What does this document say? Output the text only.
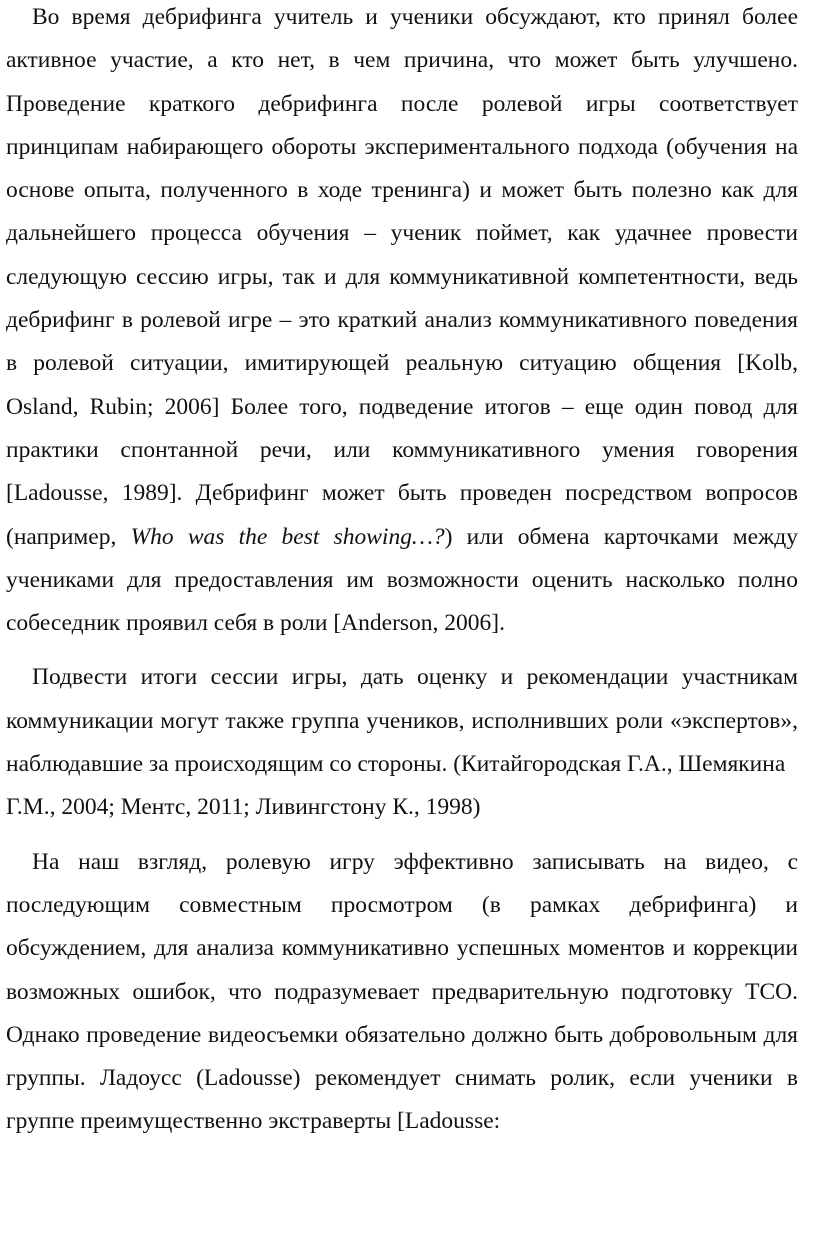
Во время дебрифинга учитель и ученики обсуждают, кто принял более активное участие, а кто нет, в чем причина, что может быть улучшено. Проведение краткого дебрифинга после ролевой игры соответствует принципам набирающего обороты экспериментального подхода (обучения на основе опыта, полученного в ходе тренинга) и может быть полезно как для дальнейшего процесса обучения – ученик поймет, как удачнее провести следующую сессию игры, так и для коммуникативной компетентности, ведь дебрифинг в ролевой игре – это краткий анализ коммуникативного поведения в ролевой ситуации, имитирующей реальную ситуацию общения [Kolb, Osland, Rubin; 2006] Более того, подведение итогов – еще один повод для практики спонтанной речи, или коммуникативного умения говорения [Ladousse, 1989]. Дебрифинг может быть проведен посредством вопросов (например, Who was the best showing…?) или обмена карточками между учениками для предоставления им возможности оценить насколько полно собеседник проявил себя в роли [Anderson, 2006].

Подвести итоги сессии игры, дать оценку и рекомендации участникам коммуникации могут также группа учеников, исполнивших роли «экспертов», наблюдавшие за происходящим со стороны. (Китайгородская Г.А., Шемякина
Г.М., 2004; Ментс, 2011; Ливингстону К., 1998)

На наш взгляд, ролевую игру эффективно записывать на видео, с последующим совместным просмотром (в рамках дебрифинга) и обсуждением, для анализа коммуникативно успешных моментов и коррекции возможных ошибок, что подразумевает предварительную подготовку ТСО. Однако проведение видеосъемки обязательно должно быть добровольным для группы. Ладоусс (Ladousse) рекомендует снимать ролик, если ученики в группе преимущественно экстраверты [Ladousse:
